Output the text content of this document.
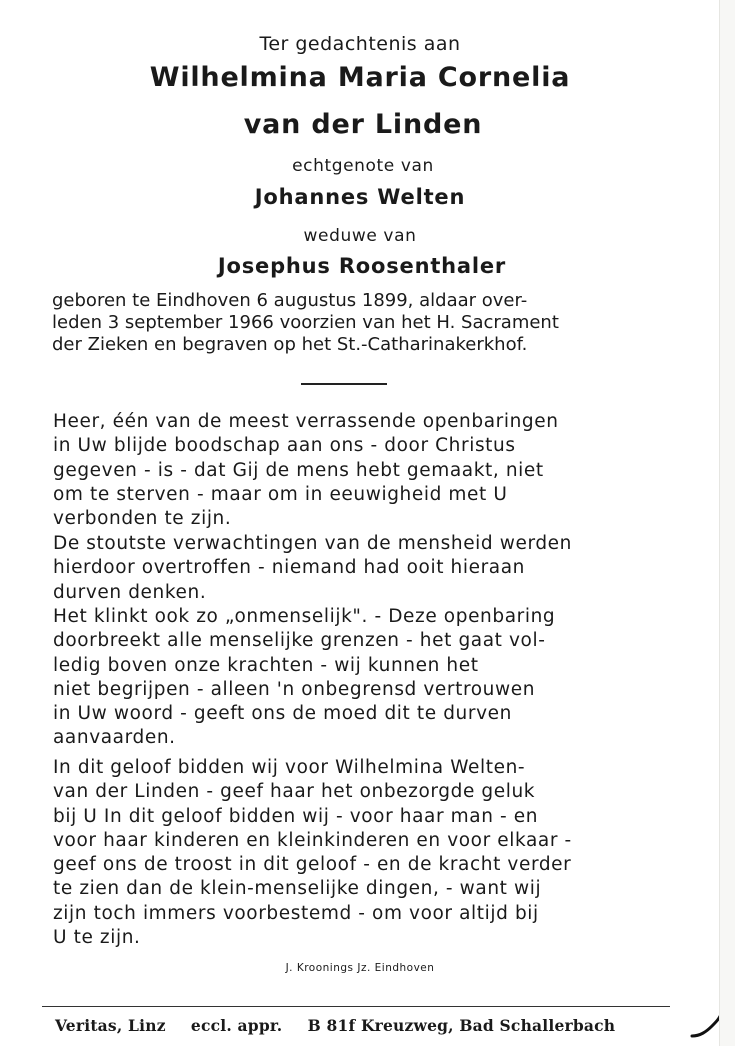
Ter gedachtenis aan
Wilhelmina Maria Cornelia
van der Linden
echtgenote van
Johannes Welten
weduwe van
Josephus Roosenthaler
geboren te Eindhoven 6 augustus 1899, aldaar over-
leden 3 september 1966 voorzien van het H. Sacrament
der Zieken en begraven op het St.-Catharinakerkhof.
Heer, één van de meest verrassende openbaringen
in Uw blijde boodschap aan ons - door Christus
gegeven - is - dat Gij de mens hebt gemaakt, niet
om te sterven - maar om in eeuwigheid met U
verbonden te zijn.
De stoutste verwachtingen van de mensheid werden
hierdoor overtroffen - niemand had ooit hieraan
durven denken.
Het klinkt ook zo „onmenselijk". - Deze openbaring
doorbreekt alle menselijke grenzen - het gaat vol-
ledig boven onze krachten - wij kunnen het
niet begrijpen - alleen 'n onbegrensd vertrouwen
in Uw woord - geeft ons de moed dit te durven
aanvaarden.
In dit geloof bidden wij voor Wilhelmina Welten-
van der Linden - geef haar het onbezorgde geluk
bij U In dit geloof bidden wij - voor haar man - en
voor haar kinderen en kleinkinderen en voor elkaar -
geef ons de troost in dit geloof - en de kracht verder
te zien dan de klein-menselijke dingen, - want wij
zijn toch immers voorbestemd - om voor altijd bij
U te zijn.
J. Kroonings Jz. Eindhoven
Veritas, Linz eccl. appr. B 81f Kreuzweg, Bad Schallerbach
